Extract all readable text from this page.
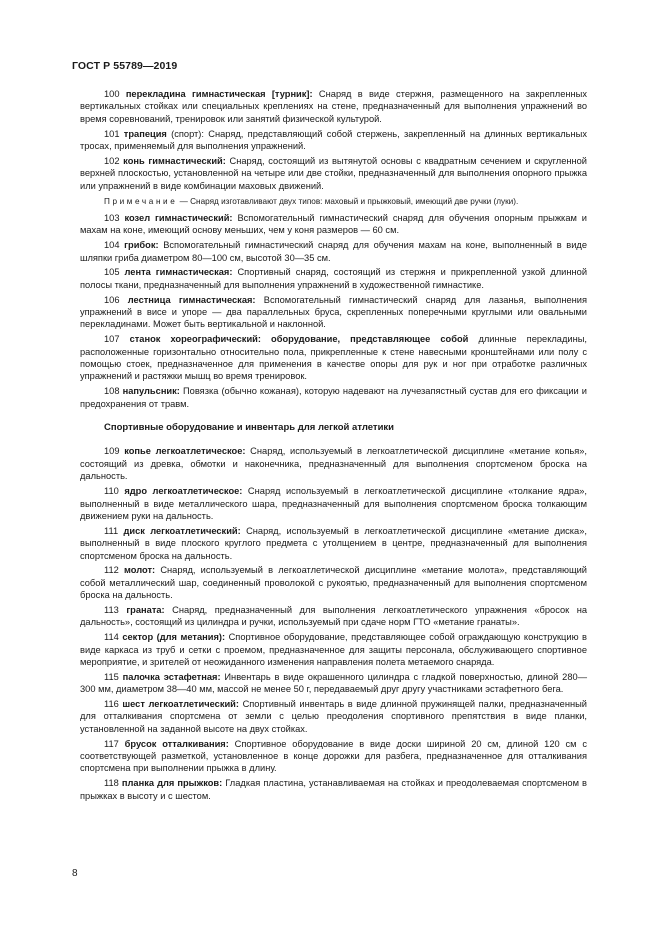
ГОСТ Р 55789—2019

100 перекладина гимнастическая [турник]: Снаряд в виде стержня, размещенного на закрепленных вертикальных стойках или специальных креплениях на стене, предназначенный для выполнения упражнений во время соревнований, тренировок или занятий физической культурой.

101 трапеция (спорт): Снаряд, представляющий собой стержень, закрепленный на длинных вертикальных тросах, применяемый для выполнения упражнений.

102 конь гимнастический: Снаряд, состоящий из вытянутой основы с квадратным сечением и скругленной верхней плоскостью, установленной на четыре или две стойки, предназначенный для выполнения опорного прыжка или упражнений в виде комбинации маховых движений.

Примечание — Снаряд изготавливают двух типов: маховый и прыжковый, имеющий две ручки (луки).

103 козел гимнастический: Вспомогательный гимнастический снаряд для обучения опорным прыжкам и махам на коне, имеющий основу меньших, чем у коня размеров — 60 см.

104 грибок: Вспомогательный гимнастический снаряд для обучения махам на коне, выполненный в виде шляпки гриба диаметром 80—100 см, высотой 30—35 см.

105 лента гимнастическая: Спортивный снаряд, состоящий из стержня и прикрепленной узкой длинной полосы ткани, предназначенный для выполнения упражнений в художественной гимнастике.

106 лестница гимнастическая: Вспомогательный гимнастический снаряд для лазанья, выполнения упражнений в висе и упоре — два параллельных бруса, скрепленных поперечными круглыми или овальными перекладинами. Может быть вертикальной и наклонной.

107 станок хореографический: оборудование, представляющее собой длинные перекладины, расположенные горизонтально относительно пола, прикрепленные к стене навесными кронштейнами или полу с помощью стоек, предназначенное для применения в качестве опоры для рук и ног при отработке различных упражнений и растяжки мышц во время тренировок.

108 напульсник: Повязка (обычно кожаная), которую надевают на лучезапястный сустав для его фиксации и предохранения от травм.

Спортивные оборудование и инвентарь для легкой атлетики

109 копье легкоатлетическое: Снаряд, используемый в легкоатлетической дисциплине «метание копья», состоящий из древка, обмотки и наконечника, предназначенный для выполнения спортсменом броска на дальность.

110 ядро легкоатлетическое: Снаряд используемый в легкоатлетической дисциплине «толкание ядра», выполненный в виде металлического шара, предназначенный для выполнения спортсменом броска толкающим движением руки на дальность.

111 диск легкоатлетический: Снаряд, используемый в легкоатлетической дисциплине «метание диска», выполненный в виде плоского круглого предмета с утолщением в центре, предназначенный для выполнения спортсменом броска на дальность.

112 молот: Снаряд, используемый в легкоатлетической дисциплине «метание молота», представляющий собой металлический шар, соединенный проволокой с рукоятью, предназначенный для выполнения спортсменом броска на дальность.

113 граната: Снаряд, предназначенный для выполнения легкоатлетического упражнения «бросок на дальность», состоящий из цилиндра и ручки, используемый при сдаче норм ГТО «метание гранаты».

114 сектор (для метания): Спортивное оборудование, представляющее собой ограждающую конструкцию в виде каркаса из труб и сетки с проемом, предназначенное для защиты персонала, обслуживающего спортивное мероприятие, и зрителей от неожиданного изменения направления полета метаемого снаряда.

115 палочка эстафетная: Инвентарь в виде окрашенного цилиндра с гладкой поверхностью, длиной 280—300 мм, диаметром 38—40 мм, массой не менее 50 г, передаваемый друг другу участниками эстафетного бега.

116 шест легкоатлетический: Спортивный инвентарь в виде длинной пружинящей палки, предназначенный для отталкивания спортсмена от земли с целью преодоления спортивного препятствия в виде планки, установленной на заданной высоте на двух стойках.

117 брусок отталкивания: Спортивное оборудование в виде доски шириной 20 см, длиной 120 см с соответствующей разметкой, установленное в конце дорожки для разбега, предназначенное для отталкивания спортсмена при выполнении прыжка в длину.

118 планка для прыжков: Гладкая пластина, устанавливаемая на стойках и преодолеваемая спортсменом в прыжках в высоту и с шестом.

8
